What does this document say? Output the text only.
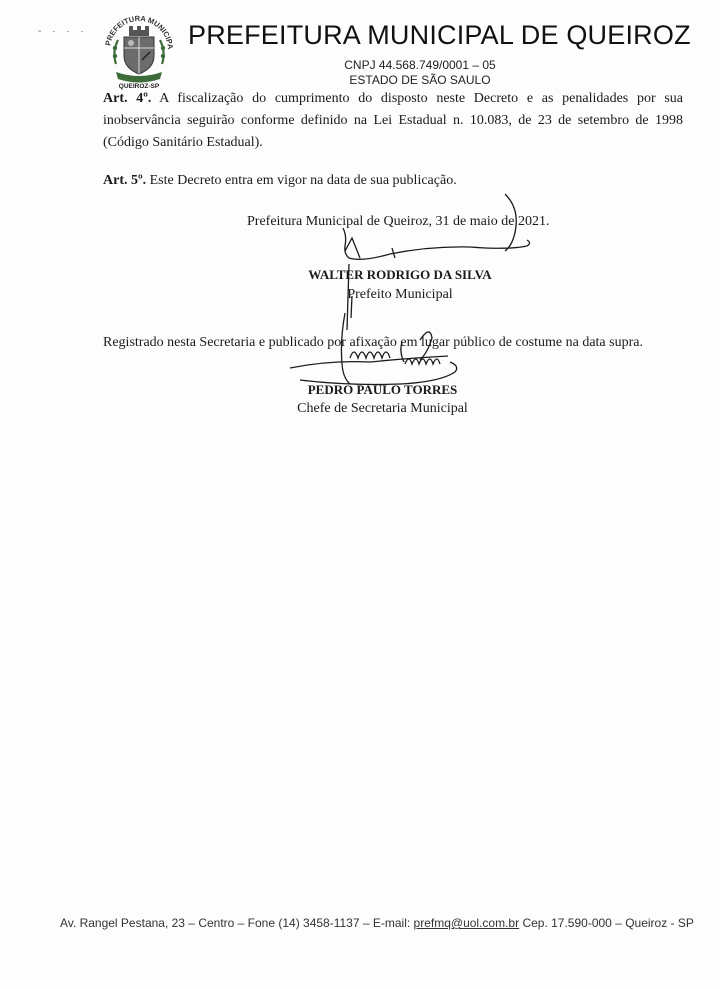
- · · ·
PREFEITURA MUNICIPA
QUEIROZ-SP
PREFEITURA MUNICIPAL DE QUEIROZ
CNPJ 44.568.749/0001 – 05
ESTADO DE SÃO SAULO
Art. 4º. A fiscalização do cumprimento do disposto neste Decreto e as penalidades por sua inobservância seguirão conforme definido na Lei Estadual n. 10.083, de 23 de setembro de 1998 (Código Sanitário Estadual).
Art. 5º. Este Decreto entra em vigor na data de sua publicação.
Prefeitura Municipal de Queiroz, 31 de maio de 2021.
WALTER RODRIGO DA SILVA
Prefeito Municipal
Registrado nesta Secretaria e publicado por afixação em lugar público de costume na data supra.
PEDRO PAULO TORRES
Chefe de Secretaria Municipal
Av. Rangel Pestana, 23 – Centro – Fone (14) 3458-1137 – E-mail: prefmq@uol.com.br Cep. 17.590-000 – Queiroz - SP
